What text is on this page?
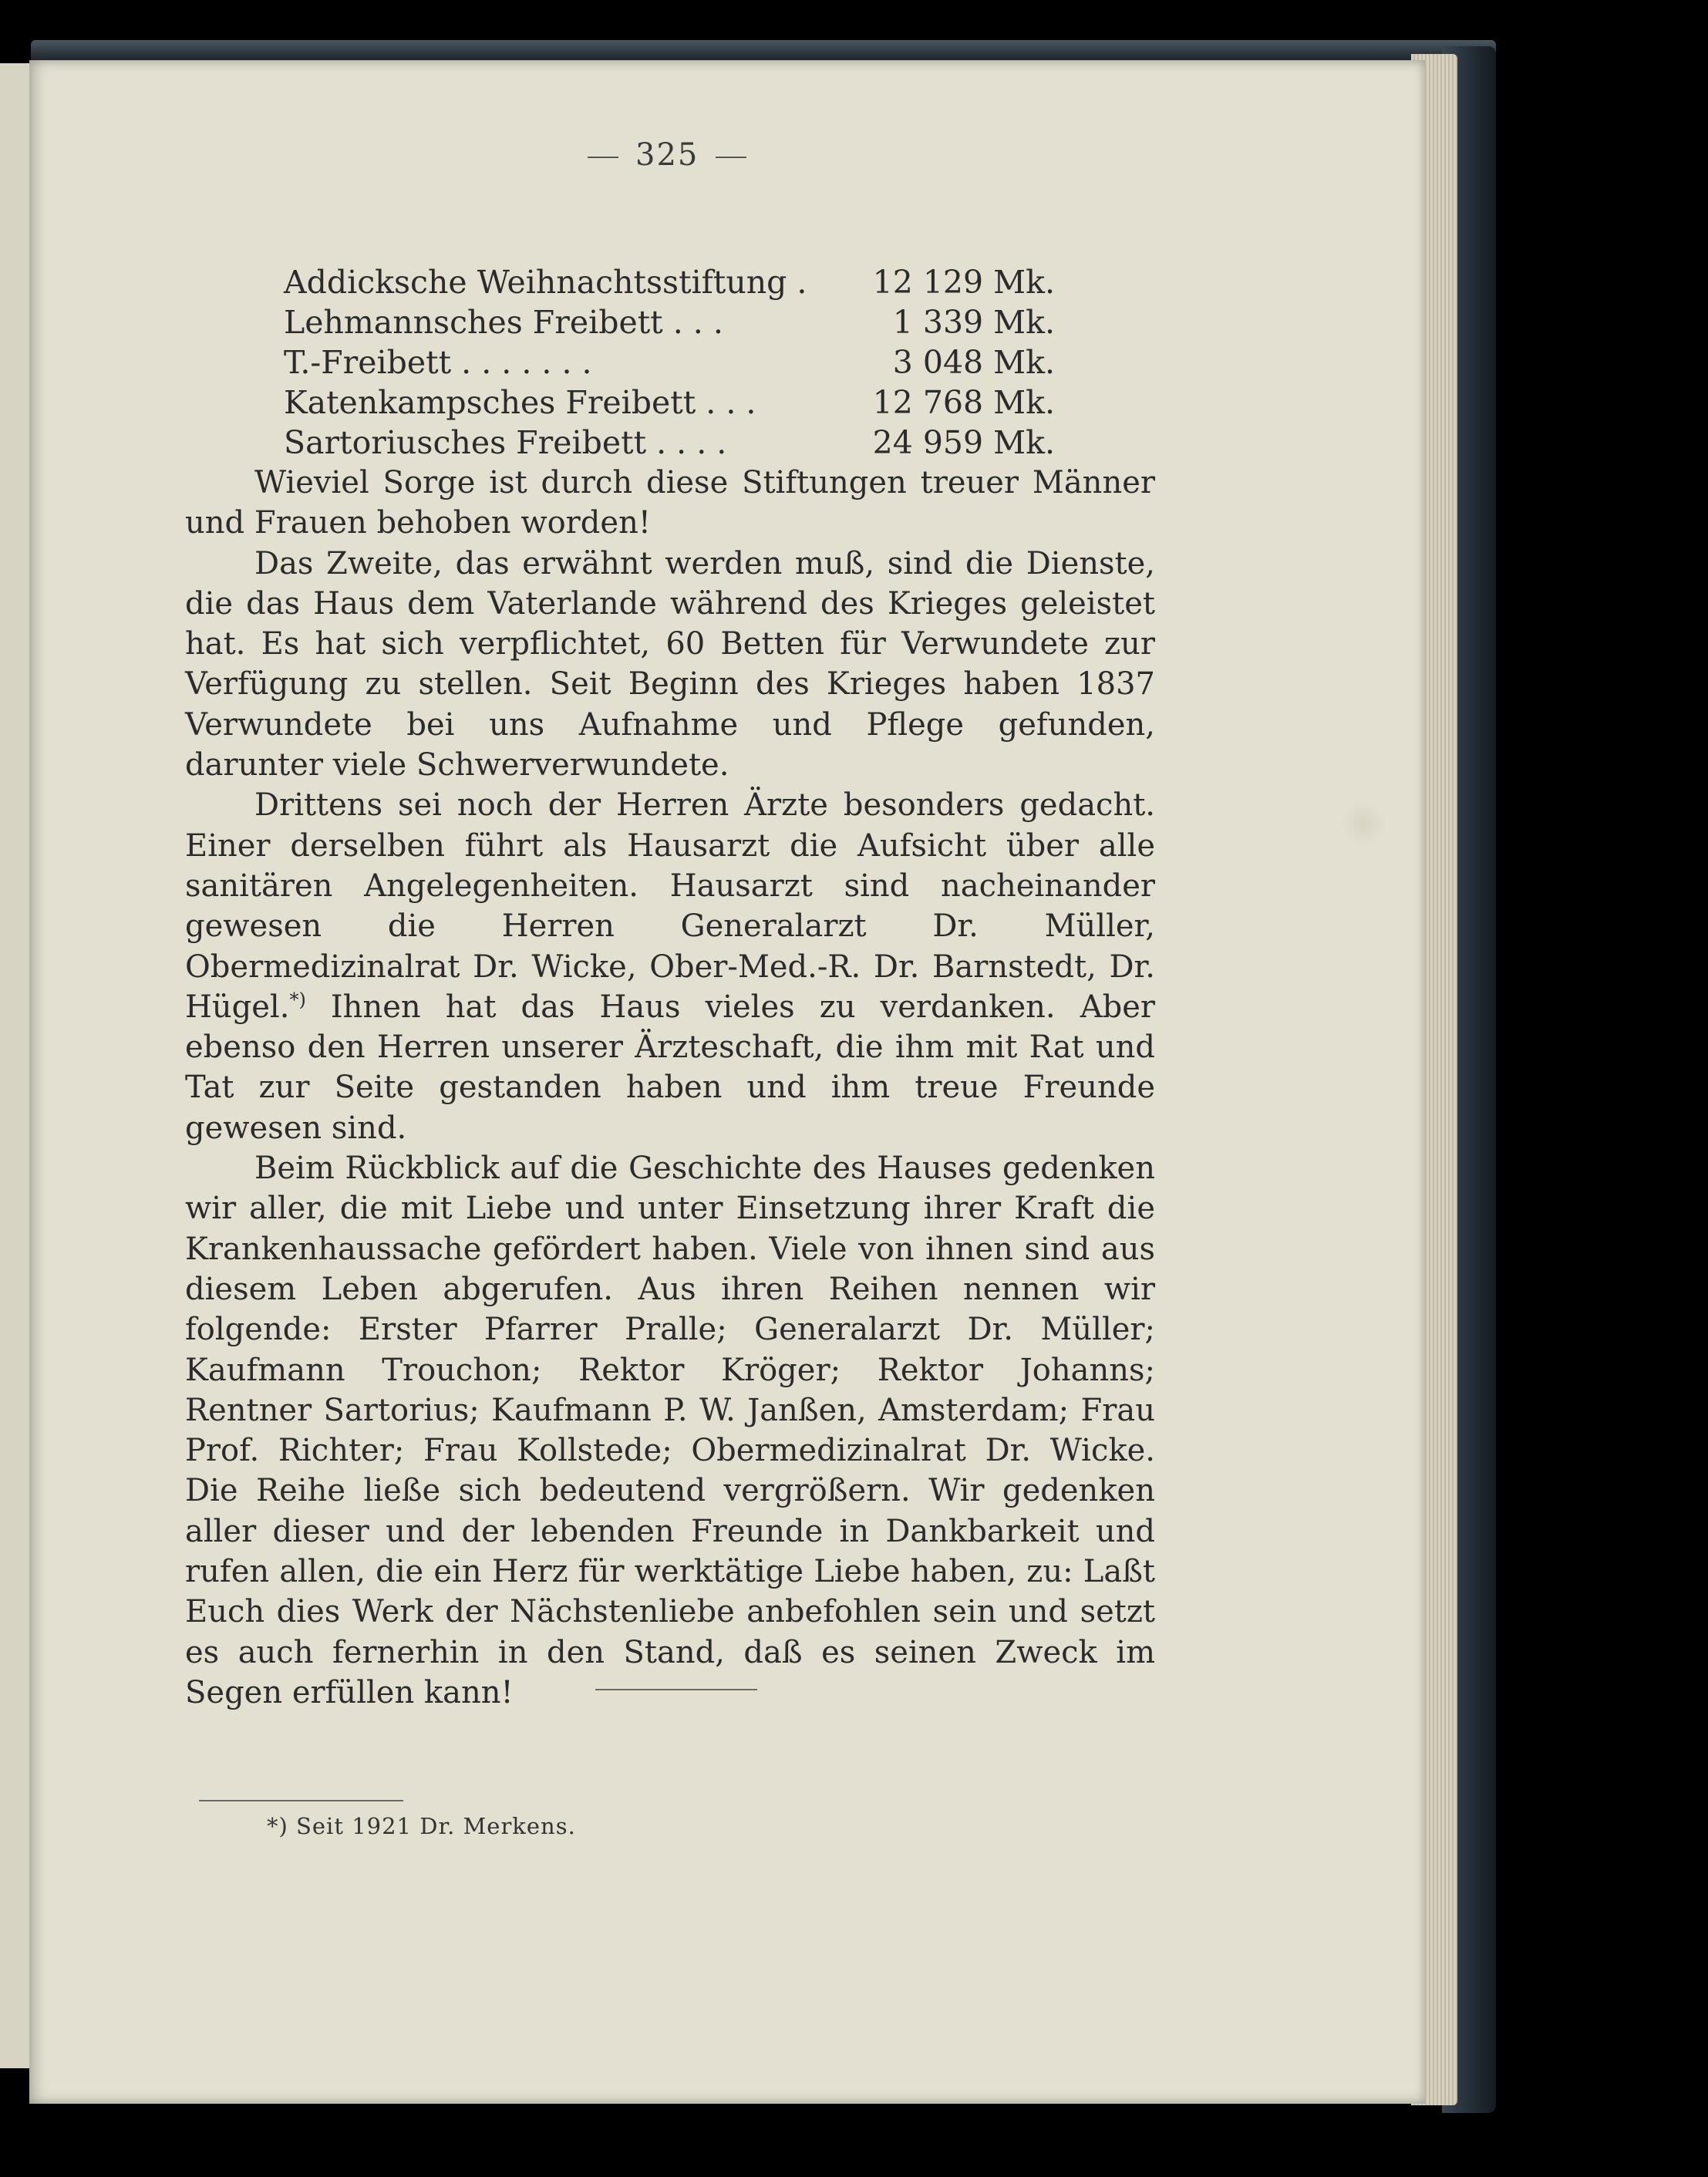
325
Addicksche Weihnachtsstiftung . 12 129 Mk.
Lehmannsches Freibett . . .	1 339 Mk.
T.-Freibett . . . . . . .	3 048 Mk.
Katenkampsches Freibett . . .	12 768 Mk.
Sartoriusches Freibett . . . .	24 959 Mk.

Wieviel Sorge ist durch diese Stiftungen treuer Männer und Frauen behoben worden!

Das Zweite, das erwähnt werden muß, sind die Dienste, die das Haus dem Vaterlande während des Krieges geleistet hat. Es hat sich verpflichtet, 60 Betten für Verwundete zur Verfügung zu stellen. Seit Beginn des Krieges haben 1837 Verwundete bei uns Aufnahme und Pflege gefunden, darunter viele Schwerverwundete.

Drittens sei noch der Herren Ärzte besonders gedacht. Einer derselben führt als Hausarzt die Aufsicht über alle sanitären Angelegenheiten. Hausarzt sind nacheinander gewesen die Herren Generalarzt Dr. Müller, Obermedizinalrat Dr. Wicke, Ober-Med.-R. Dr. Barnstedt, Dr. Hügel.*) Ihnen hat das Haus vieles zu verdanken. Aber ebenso den Herren unserer Ärzteschaft, die ihm mit Rat und Tat zur Seite gestanden haben und ihm treue Freunde gewesen sind.

Beim Rückblick auf die Geschichte des Hauses gedenken wir aller, die mit Liebe und unter Einsetzung ihrer Kraft die Krankenhaussache gefördert haben. Viele von ihnen sind aus diesem Leben abgerufen. Aus ihren Reihen nennen wir folgende: Erster Pfarrer Pralle; Generalarzt Dr. Müller; Kaufmann Trouchon; Rektor Kröger; Rektor Johanns; Rentner Sartorius; Kaufmann P. W. Janßen, Amsterdam; Frau Prof. Richter; Frau Kollstede; Obermedizinalrat Dr. Wicke. Die Reihe ließe sich bedeutend vergrößern. Wir gedenken aller dieser und der lebenden Freunde in Dankbarkeit und rufen allen, die ein Herz für werktätige Liebe haben, zu: Laßt Euch dies Werk der Nächstenliebe anbefohlen sein und setzt es auch fernerhin in den Stand, daß es seinen Zweck im Segen erfüllen kann!

*) Seit 1921 Dr. Merkens.
